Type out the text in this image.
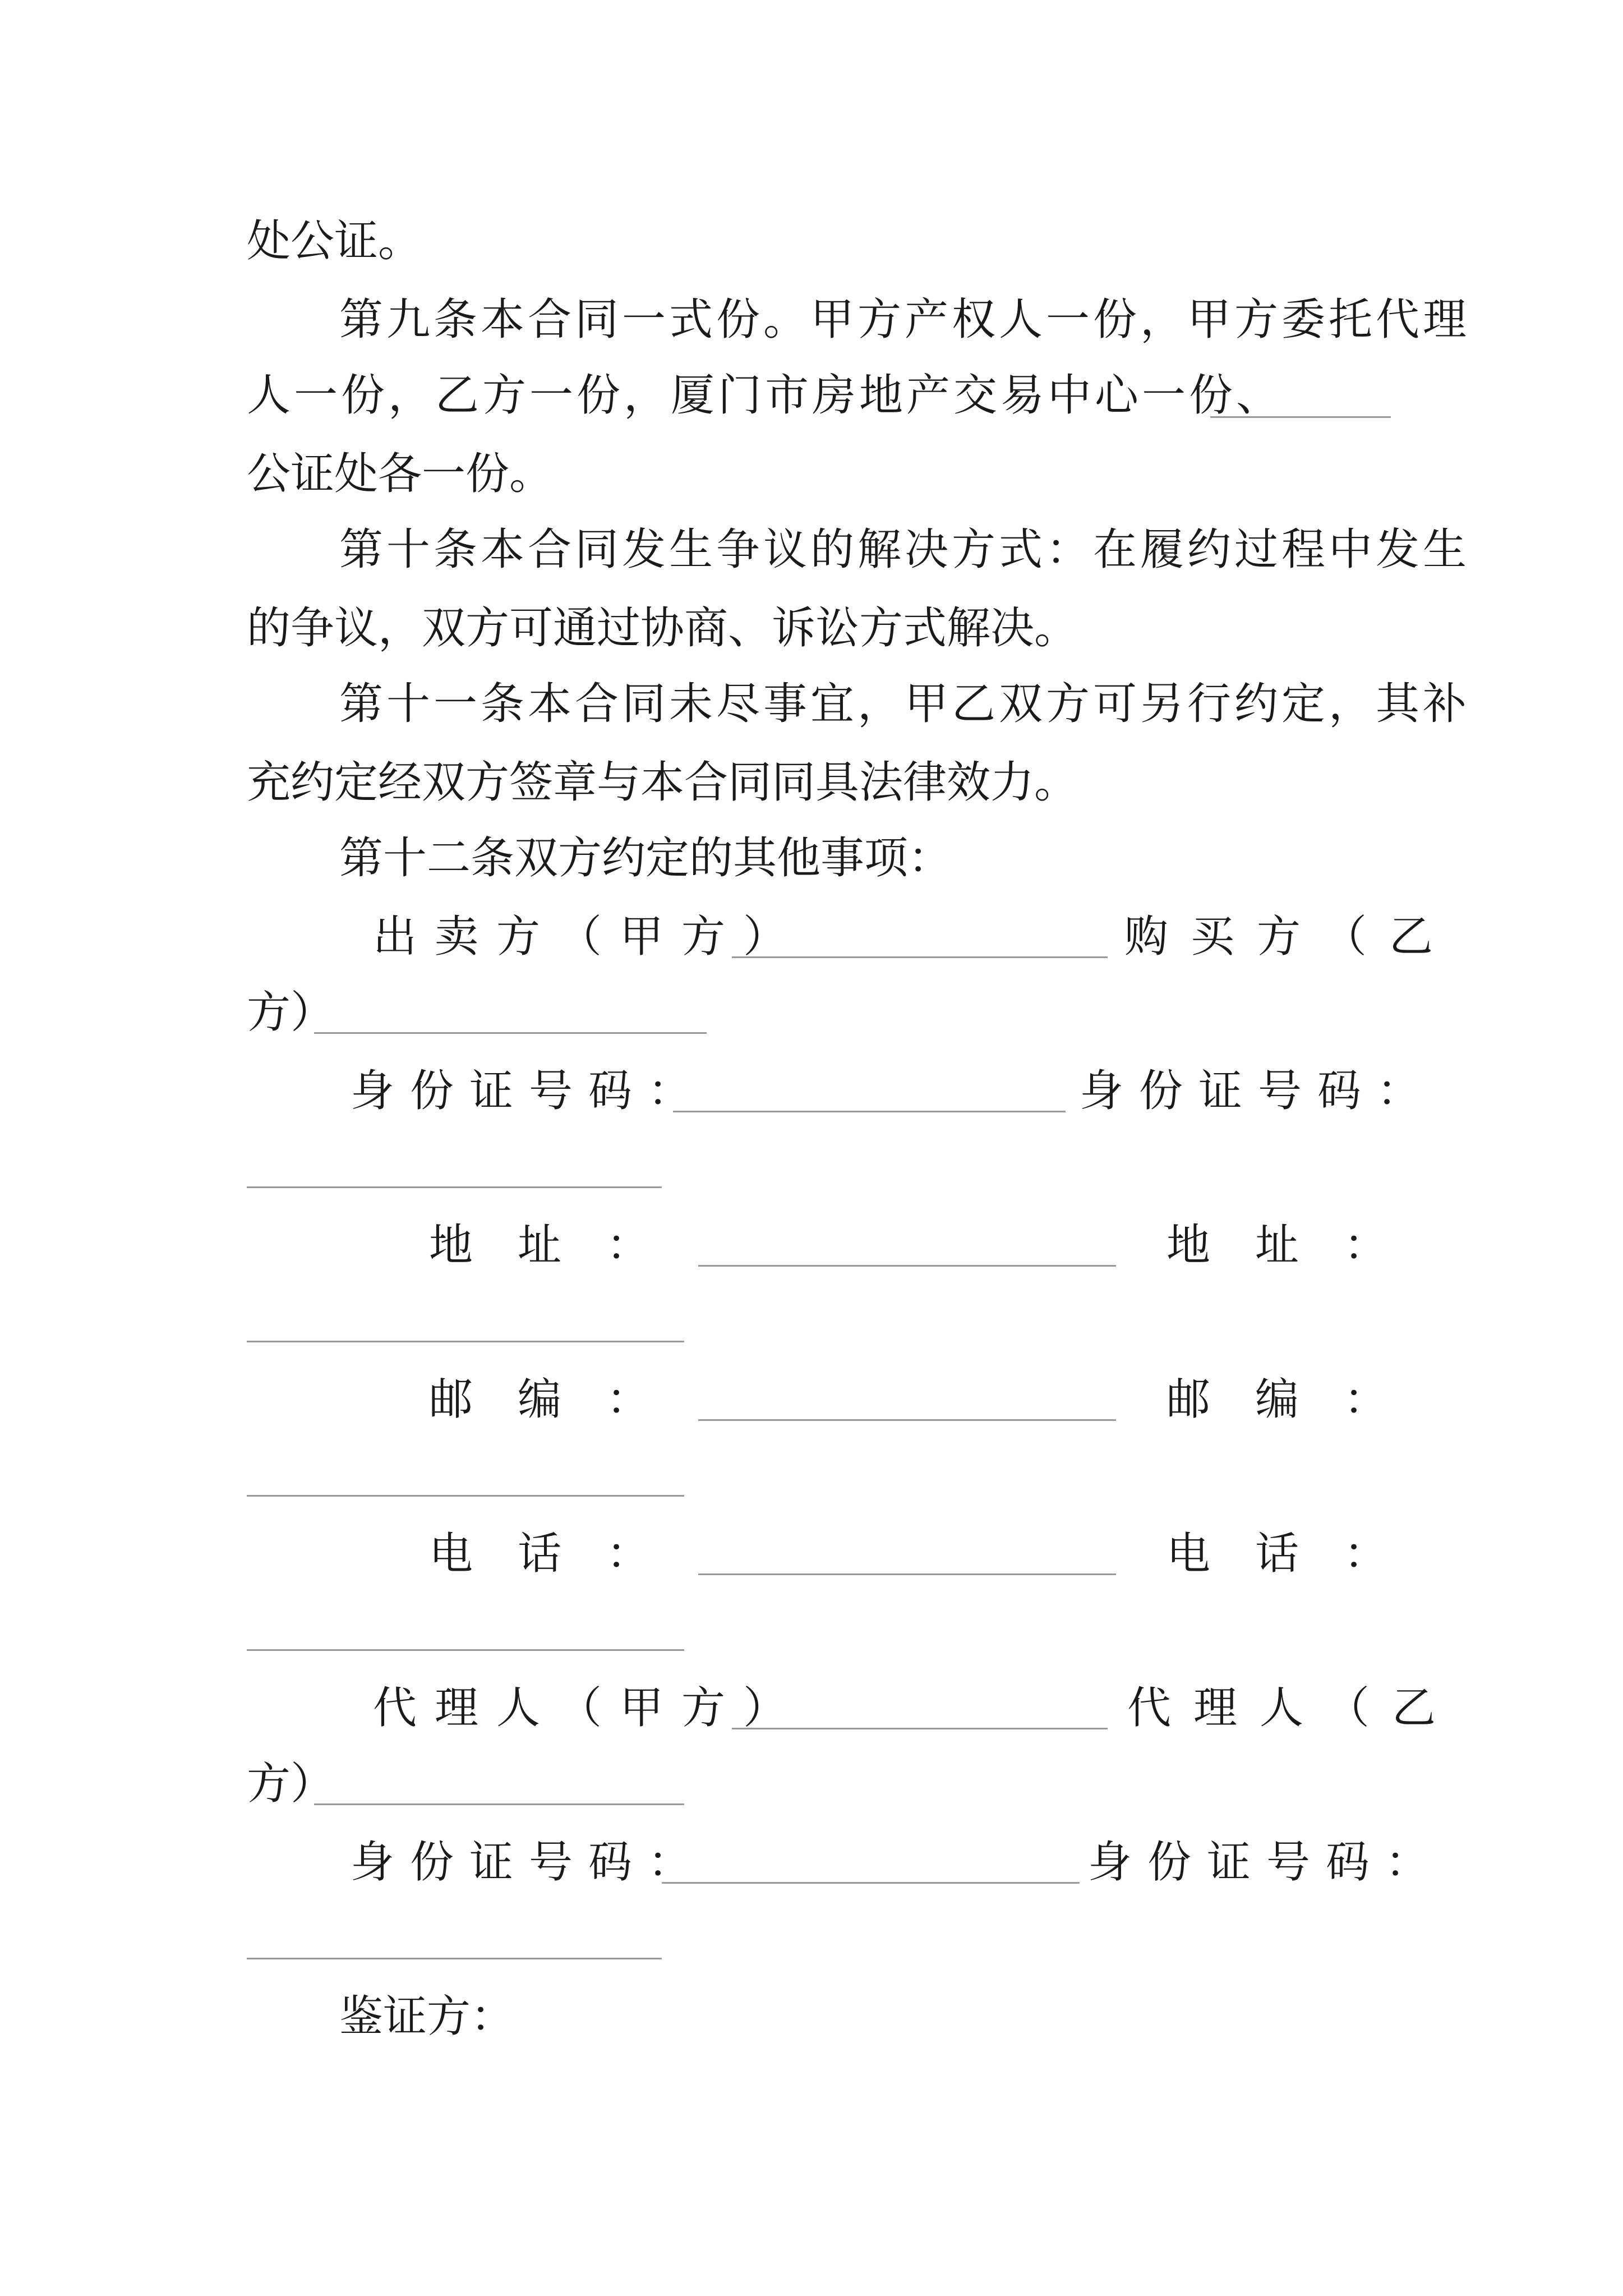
处公证。
第九条本合同一式份。甲方产权人一份，甲方委托代理
人一份，乙方一份，厦门市房地产交易中心一份、
公证处各一份。
第十条本合同发生争议的解决方式：在履约过程中发生
的争议，双方可通过协商、诉讼方式解决。
第十一条本合同未尽事宜，甲乙双方可另行约定，其补
充约定经双方签章与本合同同具法律效力。
第十二条双方约定的其他事项：
出卖方（甲方）	购买方（乙
方）
身份证号码：	身份证号码：
地址：	地址：
邮编：	邮编：
电话：	电话：
代理人（甲方）	代理人（乙
方）
身份证号码：	身份证号码：
鉴证方：
